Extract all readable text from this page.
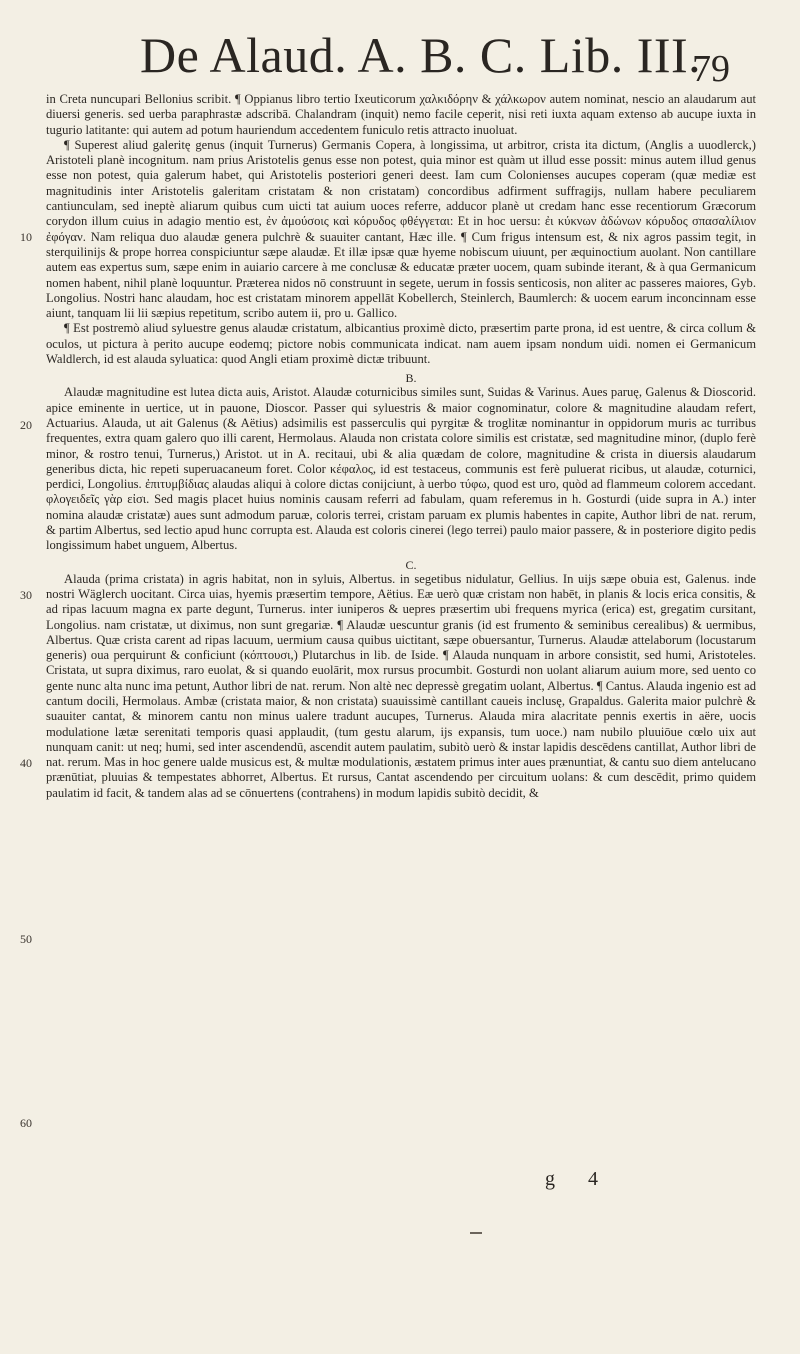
De Alaud. A. B. C. Lib. III.
79
10
20
30
40
50
60

in Creta nuncupari Bellonius scribit. ¶ Oppianus libro tertio Ixeuticorum χαλκιδόρην & χάλκωρον autem nominat, nescio an alaudarum aut diuersi generis. sed uerba paraphrastæ adscribā. Chalandram (inquit) nemo facile ceperit, nisi reti iuxta aquam extenso ab aucupe iuxta in tugurio latitante: qui autem ad potum hauriendum accedentem funiculo retis attracto inuoluat.

¶ Superest aliud galeritę genus (inquit Turnerus) Germanis Copera, à longissima, ut arbitror, crista ita dictum, (Anglis a uuodlerck,) Aristoteli planè incognitum. nam prius Aristotelis genus esse non potest, quia minor est quàm ut illud esse possit: minus autem illud genus esse non potest, quia galerum habet, qui Aristotelis posteriori generi deest. Iam cum Colonienses aucupes coperam (quæ mediæ est magnitudinis inter Aristotelis galeritam cristatam & non cristatam) concordibus adfirment suffragijs, nullam habere peculiarem cantiunculam, sed ineptè aliarum quibus cum uicti tat auium uoces referre, adducor planè ut credam hanc esse recentiorum Græcorum corydon illum cuius in adagio mentio est, ἐν ἀμούσοις καὶ κόρυδος φθέγγεται: Et in hoc uersu: ἐι κύκνων ἀδώνων κόρυδος σπασαλίλιον ἐφόγαν. Nam reliqua duo alaudæ genera pulchrè & suauiter cantant, Hæc ille. ¶ Cum frigus intensum est, & nix agros passim tegit, in sterquilinijs & prope horrea conspiciuntur sæpe alaudæ. Et illæ ipsæ quæ hyeme nobiscum uiuunt, per æquinoctium auolant. Non cantillare autem eas expertus sum, sæpe enim in auiario carcere à me conclusæ & educatæ præter uocem, quam subinde iterant, & à qua Germanicum nomen habent, nihil planè loquuntur. Præterea nidos nō construunt in segete, uerum in fossis senticosis, non aliter ac passeres maiores, Gyb. Longolius. Nostri hanc alaudam, hoc est cristatam minorem appellāt Kobellerch, Steinlerch, Baumlerch: & uocem earum inconcinnam esse aiunt, tanquam lii lii sæpius repetitum, scribo autem ii, pro u. Gallico.

¶ Est postremò aliud syluestre genus alaudæ cristatum, albicantius proximè dicto, præsertim parte prona, id est uentre, & circa collum & oculos, ut pictura à perito aucupe eodemq; pictore nobis communicata indicat. nam auem ipsam nondum uidi. nomen ei Germanicum Waldlerch, id est alauda syluatica: quod Angli etiam proximè dictæ tribuunt.

B.

Alaudæ magnitudine est lutea dicta auis, Aristot. Alaudæ coturnicibus similes sunt, Suidas & Varinus. Aues paruę, Galenus & Dioscorid. apice eminente in uertice, ut in pauone, Dioscor. Passer qui syluestris & maior cognominatur, colore & magnitudine alaudam refert, Actuarius. Alauda, ut ait Galenus (& Aëtius) adsimilis est passerculis qui pyrgitæ & troglitæ nominantur in oppidorum muris ac turribus frequentes, extra quam galero quo illi carent, Hermolaus. Alauda non cristata colore similis est cristatæ, sed magnitudine minor, (duplo ferè minor, & rostro tenui, Turnerus,) Aristot. ut in A. recitaui, ubi & alia quædam de colore, magnitudine & crista in diuersis alaudarum generibus dicta, hic repeti superuacaneum foret. Color κέφαλος, id est testaceus, communis est ferè puluerat ricibus, ut alaudæ, coturnici, perdici, Longolius. ἐπιτυμβίδιας alaudas aliqui à colore dictas conijciunt, à uerbo τύφω, quod est uro, quòd ad flammeum colorem accedant. φλογειδεῖς γὰρ εἰσι. Sed magis placet huius nominis causam referri ad fabulam, quam referemus in h. Gosturdi (uide supra in A.) inter nomina alaudæ cristatæ) aues sunt admodum paruæ, coloris terrei, cristam paruam ex plumis habentes in capite, Author libri de nat. rerum, & partim Albertus, sed lectio apud hunc corrupta est. Alauda est coloris cinerei (lego terrei) paulo maior passere, & in posteriore digito pedis longissimum habet unguem, Albertus.

C.

Alauda (prima cristata) in agris habitat, non in syluis, Albertus. in segetibus nidulatur, Gellius. In uijs sæpe obuia est, Galenus. inde nostri Wäglerch uocitant. Circa uias, hyemis præsertim tempore, Aëtius. Eæ uerò quæ cristam non habēt, in planis & locis erica consitis, & ad ripas lacuum magna ex parte degunt, Turnerus. inter iuniperos & uepres præsertim ubi frequens myrica (erica) est, gregatim cursitant, Longolius. nam cristatæ, ut diximus, non sunt gregariæ. ¶ Alaudæ uescuntur granis (id est frumento & seminibus cerealibus) & uermibus, Albertus. Quæ crista carent ad ripas lacuum, uermium causa quibus uictitant, sæpe obuersantur, Turnerus. Alaudæ attelaborum (locustarum generis) oua perquirunt & conficiunt (κόπτουσι,) Plutarchus in lib. de Iside. ¶ Alauda nunquam in arbore consistit, sed humi, Aristoteles. Cristata, ut supra diximus, raro euolat, & si quando euolārit, mox rursus procumbit. Gosturdi non uolant aliarum auium more, sed uento co gente nunc alta nunc ima petunt, Author libri de nat. rerum. Non altè nec depressè gregatim uolant, Albertus. ¶ Cantus. Alauda ingenio est ad cantum docili, Hermolaus. Ambæ (cristata maior, & non cristata) suauissimè cantillant caueis inclusę, Grapaldus. Galerita maior pulchrè & suauiter cantat, & minorem cantu non minus ualere tradunt aucupes, Turnerus. Alauda mira alacritate pennis exertis in aëre, uocis modulatione lætæ serenitati temporis quasi applaudit, (tum gestu alarum, ijs expansis, tum uoce.) nam nubilo pluuiōue cœlo uix aut nunquam canit: ut neq; humi, sed inter ascendendū, ascendit autem paulatim, subitò uerò & instar lapidis descēdens cantillat, Author libri de nat. rerum. Mas in hoc genere ualde musicus est, & multæ modulationis, æstatem primus inter aues prænuntiat, & cantu suo diem antelucano prænūtiat, pluuias & tempestates abhorret, Albertus. Et rursus, Cantat ascendendo per circuitum uolans: & cum descēdit, primo quidem paulatim id facit, & tandem alas ad se cōnuertens (contrahens) in modum lapidis subitò decidit, &

g 4
